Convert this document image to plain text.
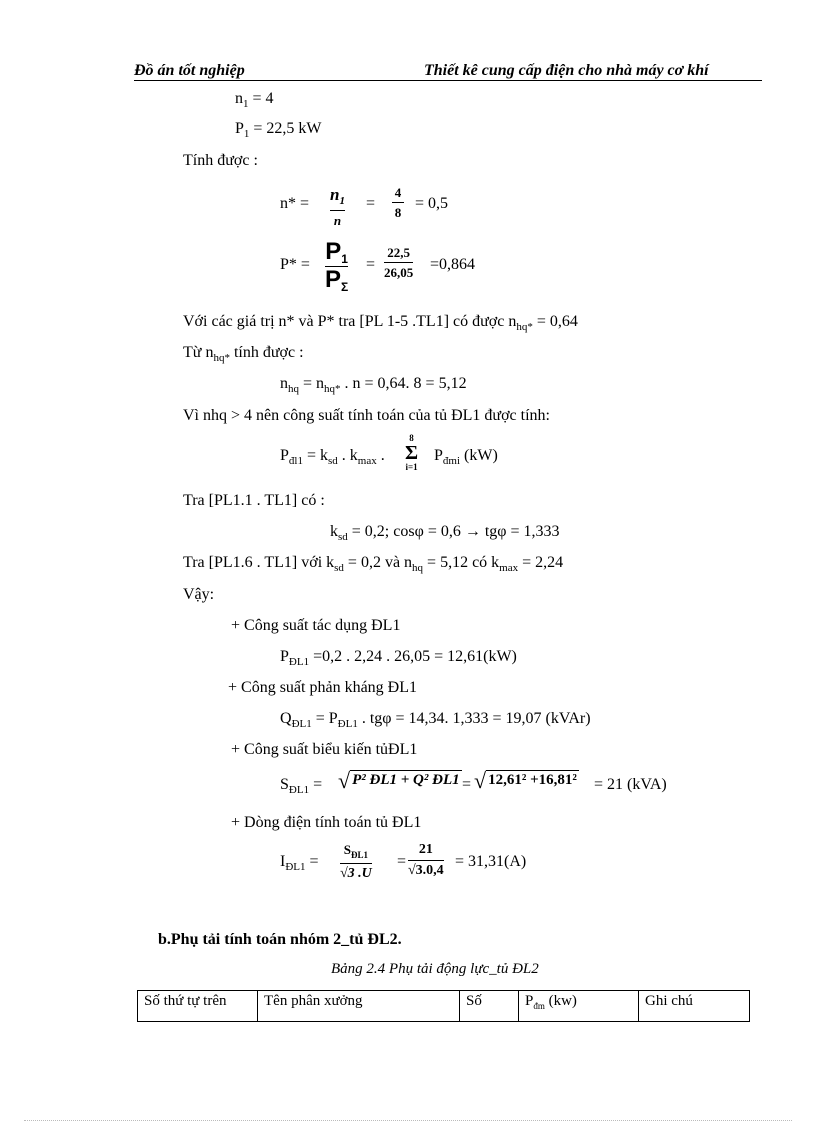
Đồ án tốt nghiệp	Thiết kê cung cấp điện cho nhà máy cơ khí
$n_1 = 4$
$P_1 = 22,5$ kW
Tính được :
$n* = n_1$
n
=
4
8
= 0,5
$P* = P_1$
$P_\Sigma$
=
22,5
26,05 =0,864
Với các giá trị n* và P* tra [PL 1-5 .TL1] có được $n_{hq*} = 0,64$
Từ $n_{hq*}$ tính được :
$n_{hq} = n_{hq*}$ . n = 0,64. 8 = 5,12
Vì nhq > 4 nên công suất tính toán của tủ ĐL1 được tính:
$P_{đl1} = k_{sd}$ . $k_{max}$ .
8
Σ
i=1
$P_{đmi}$ (kW)
Tra [PL1.1 . TL1] có :
$k_{sd} = 0,2$; cosφ = 0,6 → tgφ = 1,333
Tra [PL1.6 . TL1] với $k_{sd} = 0,2$ và $n_{hq} = 5,12$ có $k_{max} = 2,24$
Vậy:
+ Công suất tác dụng ĐL1
$P_{ĐL1} =0,2$ . 2,24 . 26,05 = 12,61(kW)
+ Công suất phản kháng ĐL1
$Q_{ĐL1} = P_{ĐL1}$ . tgφ = 14,34. 1,333 = 19,07 (kVAr)
+ Công suất biểu kiến tủĐL1
$S_{ĐL1}$ = √ P² ĐL1 + Q² ĐL1 = √ 12,61² +16,81² = 21 (kVA)
+ Dòng điện tính toán tủ ĐL1
$I_{ĐL1}$ =
$S_{ĐL1}$
√3 .U
=
21
√3.0,4
= 31,31(A)
b.Phụ tải tính toán nhóm 2_tủ ĐL2.
Bảng 2.4 Phụ tải động lực_tủ ĐL2
Số thứ tự trên	Tên phân xưởng	Số	$P_{đm}$ (kw)	Ghi chú
